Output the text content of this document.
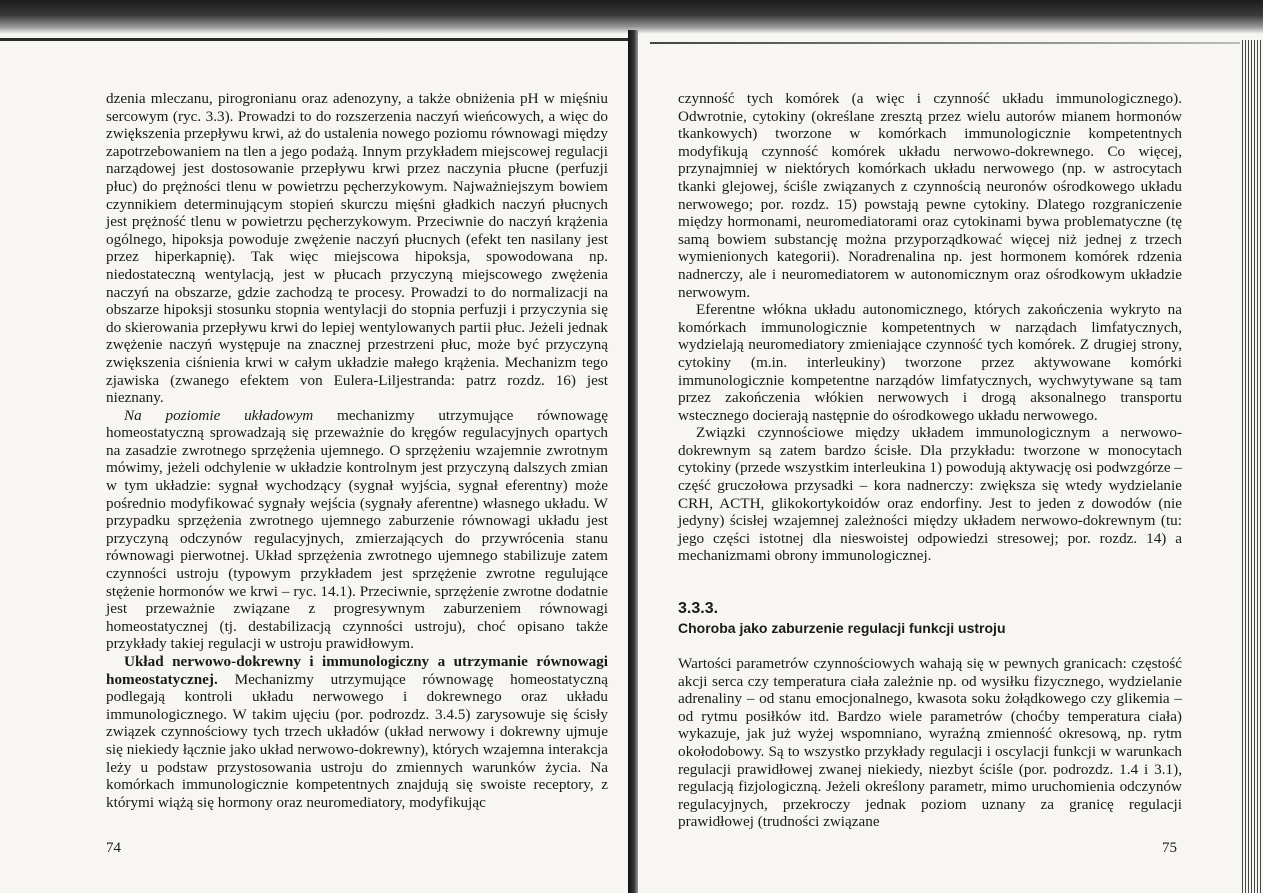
dzenia mleczanu, pirogronianu oraz adenozyny, a także obniżenia pH w mięśniu sercowym (ryc. 3.3). Prowadzi to do rozszerzenia naczyń wieńcowych, a więc do zwiększenia przepływu krwi, aż do ustalenia nowego poziomu równowagi między zapotrzebowaniem na tlen a jego podażą. Innym przykładem miejscowej regulacji narządowej jest dostosowanie przepływu krwi przez naczynia płucne (perfuzji płuc) do prężności tlenu w powietrzu pęcherzykowym. Najważniejszym bowiem czynnikiem determinującym stopień skurczu mięśni gładkich naczyń płucnych jest prężność tlenu w powietrzu pęcherzykowym. Przeciwnie do naczyń krążenia ogólnego, hipoksja powoduje zwężenie naczyń płucnych (efekt ten nasilany jest przez hiperkapnię). Tak więc miejscowa hipoksja, spowodowana np. niedostateczną wentylacją, jest w płucach przyczyną miejscowego zwężenia naczyń na obszarze, gdzie zachodzą te procesy. Prowadzi to do normalizacji na obszarze hipoksji stosunku stopnia wentylacji do stopnia perfuzji i przyczynia się do skierowania przepływu krwi do lepiej wentylowanych partii płuc. Jeżeli jednak zwężenie naczyń występuje na znacznej przestrzeni płuc, może być przyczyną zwiększenia ciśnienia krwi w całym układzie małego krążenia. Mechanizm tego zjawiska (zwanego efektem von Eulera-Liljestranda: patrz rozdz. 16) jest nieznany.

Na poziomie układowym mechanizmy utrzymujące równowagę homeostatyczną sprowadzają się przeważnie do kręgów regulacyjnych opartych na zasadzie zwrotnego sprzężenia ujemnego. O sprzężeniu wzajemnie zwrotnym mówimy, jeżeli odchylenie w układzie kontrolnym jest przyczyną dalszych zmian w tym układzie: sygnał wychodzący (sygnał wyjścia, sygnał eferentny) może pośrednio modyfikować sygnały wejścia (sygnały aferentne) własnego układu. W przypadku sprzężenia zwrotnego ujemnego zaburzenie równowagi układu jest przyczyną odczynów regulacyjnych, zmierzających do przywrócenia stanu równowagi pierwotnej. Układ sprzężenia zwrotnego ujemnego stabilizuje zatem czynności ustroju (typowym przykładem jest sprzężenie zwrotne regulujące stężenie hormonów we krwi – ryc. 14.1). Przeciwnie, sprzężenie zwrotne dodatnie jest przeważnie związane z progresywnym zaburzeniem równowagi homeostatycznej (tj. destabilizacją czynności ustroju), choć opisano także przykłady takiej regulacji w ustroju prawidłowym.

Układ nerwowo-dokrewny i immunologiczny a utrzymanie równowagi homeostatycznej. Mechanizmy utrzymujące równowagę homeostatyczną podlegają kontroli układu nerwowego i dokrewnego oraz układu immunologicznego. W takim ujęciu (por. podrozdz. 3.4.5) zarysowuje się ścisły związek czynnościowy tych trzech układów (układ nerwowy i dokrewny ujmuje się niekiedy łącznie jako układ nerwowo-dokrewny), których wzajemna interakcja leży u podstaw przystosowania ustroju do zmiennych warunków życia. Na komórkach immunologicznie kompetentnych znajdują się swoiste receptory, z którymi wiążą się hormony oraz neuromediatory, modyfikując

74

czynność tych komórek (a więc i czynność układu immunologicznego). Odwrotnie, cytokiny (określane zresztą przez wielu autorów mianem hormonów tkankowych) tworzone w komórkach immunologicznie kompetentnych modyfikują czynność komórek układu nerwowo-dokrewnego. Co więcej, przynajmniej w niektórych komórkach układu nerwowego (np. w astrocytach tkanki glejowej, ściśle związanych z czynnością neuronów ośrodkowego układu nerwowego; por. rozdz. 15) powstają pewne cytokiny. Dlatego rozgraniczenie między hormonami, neuromediatorami oraz cytokinami bywa problematyczne (tę samą bowiem substancję można przyporządkować więcej niż jednej z trzech wymienionych kategorii). Noradrenalina np. jest hormonem komórek rdzenia nadnerczy, ale i neuromediatorem w autonomicznym oraz ośrodkowym układzie nerwowym.

Eferentne włókna układu autonomicznego, których zakończenia wykryto na komórkach immunologicznie kompetentnych w narządach limfatycznych, wydzielają neuromediatory zmieniające czynność tych komórek. Z drugiej strony, cytokiny (m.in. interleukiny) tworzone przez aktywowane komórki immunologicznie kompetentne narządów limfatycznych, wychwytywane są tam przez zakończenia włókien nerwowych i drogą aksonalnego transportu wstecznego docierają następnie do ośrodkowego układu nerwowego.

Związki czynnościowe między układem immunologicznym a nerwowo-dokrewnym są zatem bardzo ścisłe. Dla przykładu: tworzone w monocytach cytokiny (przede wszystkim interleukina 1) powodują aktywację osi podwzgórze – część gruczołowa przysadki – kora nadnerczy: zwiększa się wtedy wydzielanie CRH, ACTH, glikokortykoidów oraz endorfiny. Jest to jeden z dowodów (nie jedyny) ścisłej wzajemnej zależności między układem nerwowo-dokrewnym (tu: jego części istotnej dla nieswoistej odpowiedzi stresowej; por. rozdz. 14) a mechanizmami obrony immunologicznej.

3.3.3.
Choroba jako zaburzenie regulacji funkcji ustroju

Wartości parametrów czynnościowych wahają się w pewnych granicach: częstość akcji serca czy temperatura ciała zależnie np. od wysiłku fizycznego, wydzielanie adrenaliny – od stanu emocjonalnego, kwasota soku żołądkowego czy glikemia – od rytmu posiłków itd. Bardzo wiele parametrów (choćby temperatura ciała) wykazuje, jak już wyżej wspomniano, wyraźną zmienność okresową, np. rytm okołodobowy. Są to wszystko przykłady regulacji i oscylacji funkcji w warunkach regulacji prawidłowej zwanej niekiedy, niezbyt ściśle (por. podrozdz. 1.4 i 3.1), regulacją fizjologiczną. Jeżeli określony parametr, mimo uruchomienia odczynów regulacyjnych, przekroczy jednak poziom uznany za granicę regulacji prawidłowej (trudności związane

75
